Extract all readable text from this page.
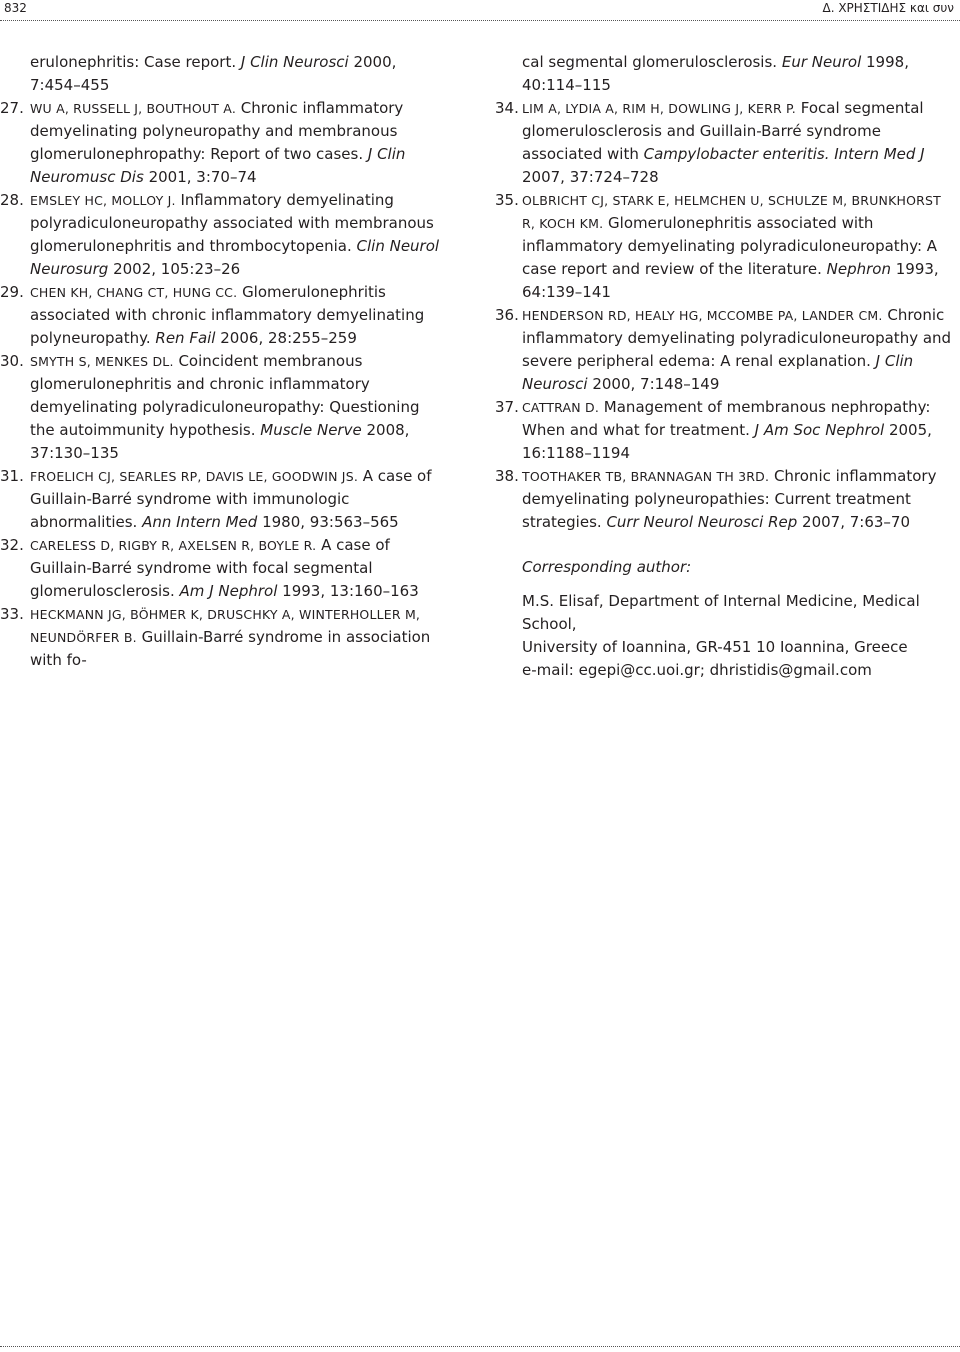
832	Δ. ΧΡΗΣΤΙΔΗΣ και συν

erulonephritis: Case report. J Clin Neurosci 2000, 7:454–455

27. WU A, RUSSELL J, BOUTHOUT A. Chronic inflammatory demyelinating polyneuropathy and membranous glomerulonephropathy: Report of two cases. J Clin Neuromusc Dis 2001, 3:70–74

28. EMSLEY HC, MOLLOY J. Inflammatory demyelinating polyradiculoneuropathy associated with membranous glomerulonephritis and thrombocytopenia. Clin Neurol Neurosurg 2002, 105:23–26

29. CHEN KH, CHANG CT, HUNG CC. Glomerulonephritis associated with chronic inflammatory demyelinating polyneuropathy. Ren Fail 2006, 28:255–259

30. SMYTH S, MENKES DL. Coincident membranous glomerulonephritis and chronic inflammatory demyelinating polyradiculoneuropathy: Questioning the autoimmunity hypothesis. Muscle Nerve 2008, 37:130–135

31. FROELICH CJ, SEARLES RP, DAVIS LE, GOODWIN JS. A case of Guillain-Barré syndrome with immunologic abnormalities. Ann Intern Med 1980, 93:563–565

32. CARELESS D, RIGBY R, AXELSEN R, BOYLE R. A case of Guillain-Barré syndrome with focal segmental glomerulosclerosis. Am J Nephrol 1993, 13:160–163

33. HECKMANN JG, BÖHMER K, DRUSCHKY A, WINTERHOLLER M, NEUNDÖRFER B. Guillain-Barré syndrome in association with fo-

cal segmental glomerulosclerosis. Eur Neurol 1998, 40:114–115

34. LIM A, LYDIA A, RIM H, DOWLING J, KERR P. Focal segmental glomerulosclerosis and Guillain-Barré syndrome associated with Campylobacter enteritis. Intern Med J 2007, 37:724–728

35. OLBRICHT CJ, STARK E, HELMCHEN U, SCHULZE M, BRUNKHORST R, KOCH KM. Glomerulonephritis associated with inflammatory demyelinating polyradiculoneuropathy: A case report and review of the literature. Nephron 1993, 64:139–141

36. HENDERSON RD, HEALY HG, MCCOMBE PA, LANDER CM. Chronic inflammatory demyelinating polyradiculoneuropathy and severe peripheral edema: A renal explanation. J Clin Neurosci 2000, 7:148–149

37. CATTRAN D. Management of membranous nephropathy: When and what for treatment. J Am Soc Nephrol 2005, 16:1188–1194

38. TOOTHAKER TB, BRANNAGAN TH 3RD. Chronic inflammatory demyelinating polyneuropathies: Current treatment strategies. Curr Neurol Neurosci Rep 2007, 7:63–70

Corresponding author:

M.S. Elisaf, Department of Internal Medicine, Medical School,

University of Ioannina, GR-451 10 Ioannina, Greece

e-mail: egepi@cc.uoi.gr; dhristidis@gmail.com
